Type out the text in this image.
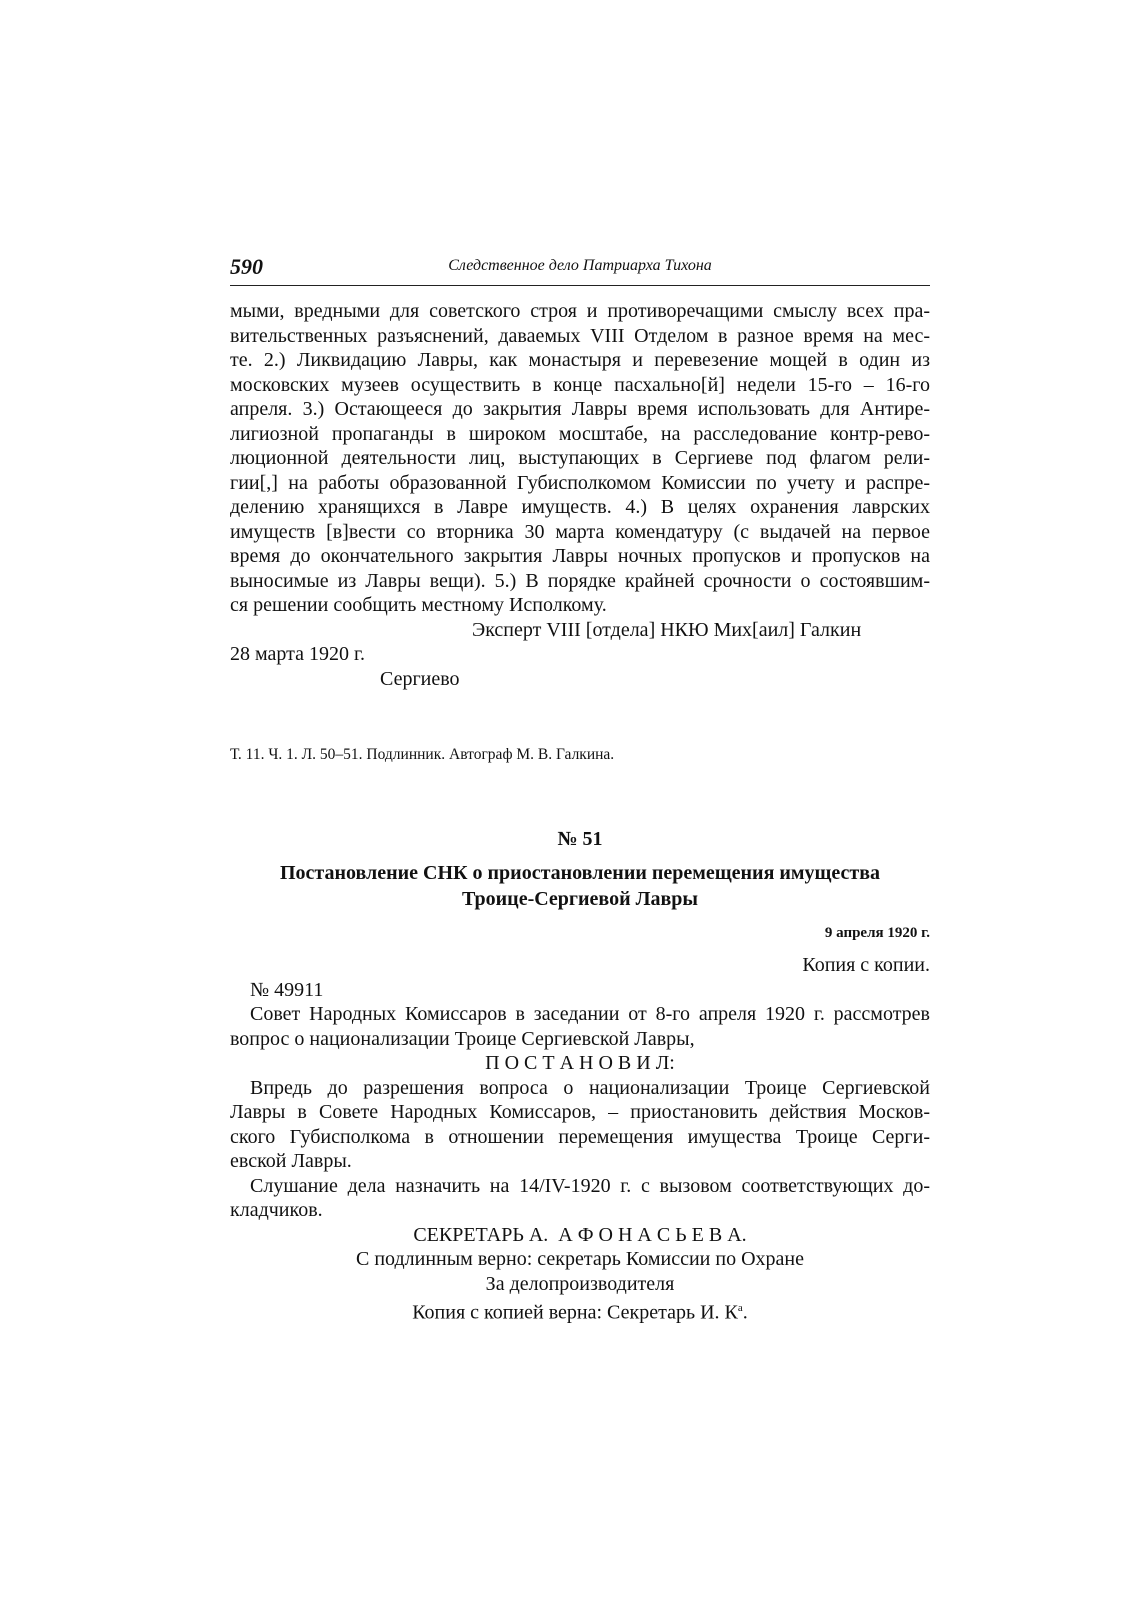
590	Следственное дело Патриарха Тихона
мыми, вредными для советского строя и противоречащими смыслу всех пра-
вительственных разъяснений, даваемых VIII Отделом в разное время на мес-
те. 2.) Ликвидацию Лавры, как монастыря и перевезение мощей в один из
московских музеев осуществить в конце пасхально[й] недели 15-го – 16-го
апреля. 3.) Остающееся до закрытия Лавры время использовать для Антире-
лигиозной пропаганды в широком мосштабе, на расследование контр-рево-
люционной деятельности лиц, выступающих в Сергиеве под флагом рели-
гии[,] на работы образованной Губисполкомом Комиссии по учету и распре-
делению хранящихся в Лавре имуществ. 4.) В целях охранения лаврских
имуществ [в]вести со вторника 30 марта комендатуру (с выдачей на первое
время до окончательного закрытия Лавры ночных пропусков и пропусков на
выносимые из Лавры вещи). 5.) В порядке крайней срочности о состоявшим-
ся решении сообщить местному Исполкому.
Эксперт VIII [отдела] НКЮ Мих[аил] Галкин
28 марта 1920 г.
Сергиево
Т. 11. Ч. 1. Л. 50–51. Подлинник. Автограф М. В. Галкина.
№ 51
Постановление СНК о приостановлении перемещения имущества
Троице-Сергиевой Лавры
9 апреля 1920 г.
Копия с копии.
№ 49911
Совет Народных Комиссаров в заседании от 8-го апреля 1920 г. рассмотрев
вопрос о национализации Троице Сергиевской Лавры,
П О С Т А Н О В И Л:
Впредь до разрешения вопроса о национализации Троице Сергиевской
Лавры в Совете Народных Комиссаров, – приостановить действия Москов-
ского Губисполкома в отношении перемещения имущества Троице Серги-
евской Лавры.
Слушание дела назначить на 14/IV-1920 г. с вызовом соответствующих до-
кладчиков.
СЕКРЕТАРЬ А.  А Ф О Н А С Ь Е В А.
С подлинным верно: секретарь Комиссии по Охране
За делопроизводителя
Копия с копией верна: Секретарь И. $К^а$.
